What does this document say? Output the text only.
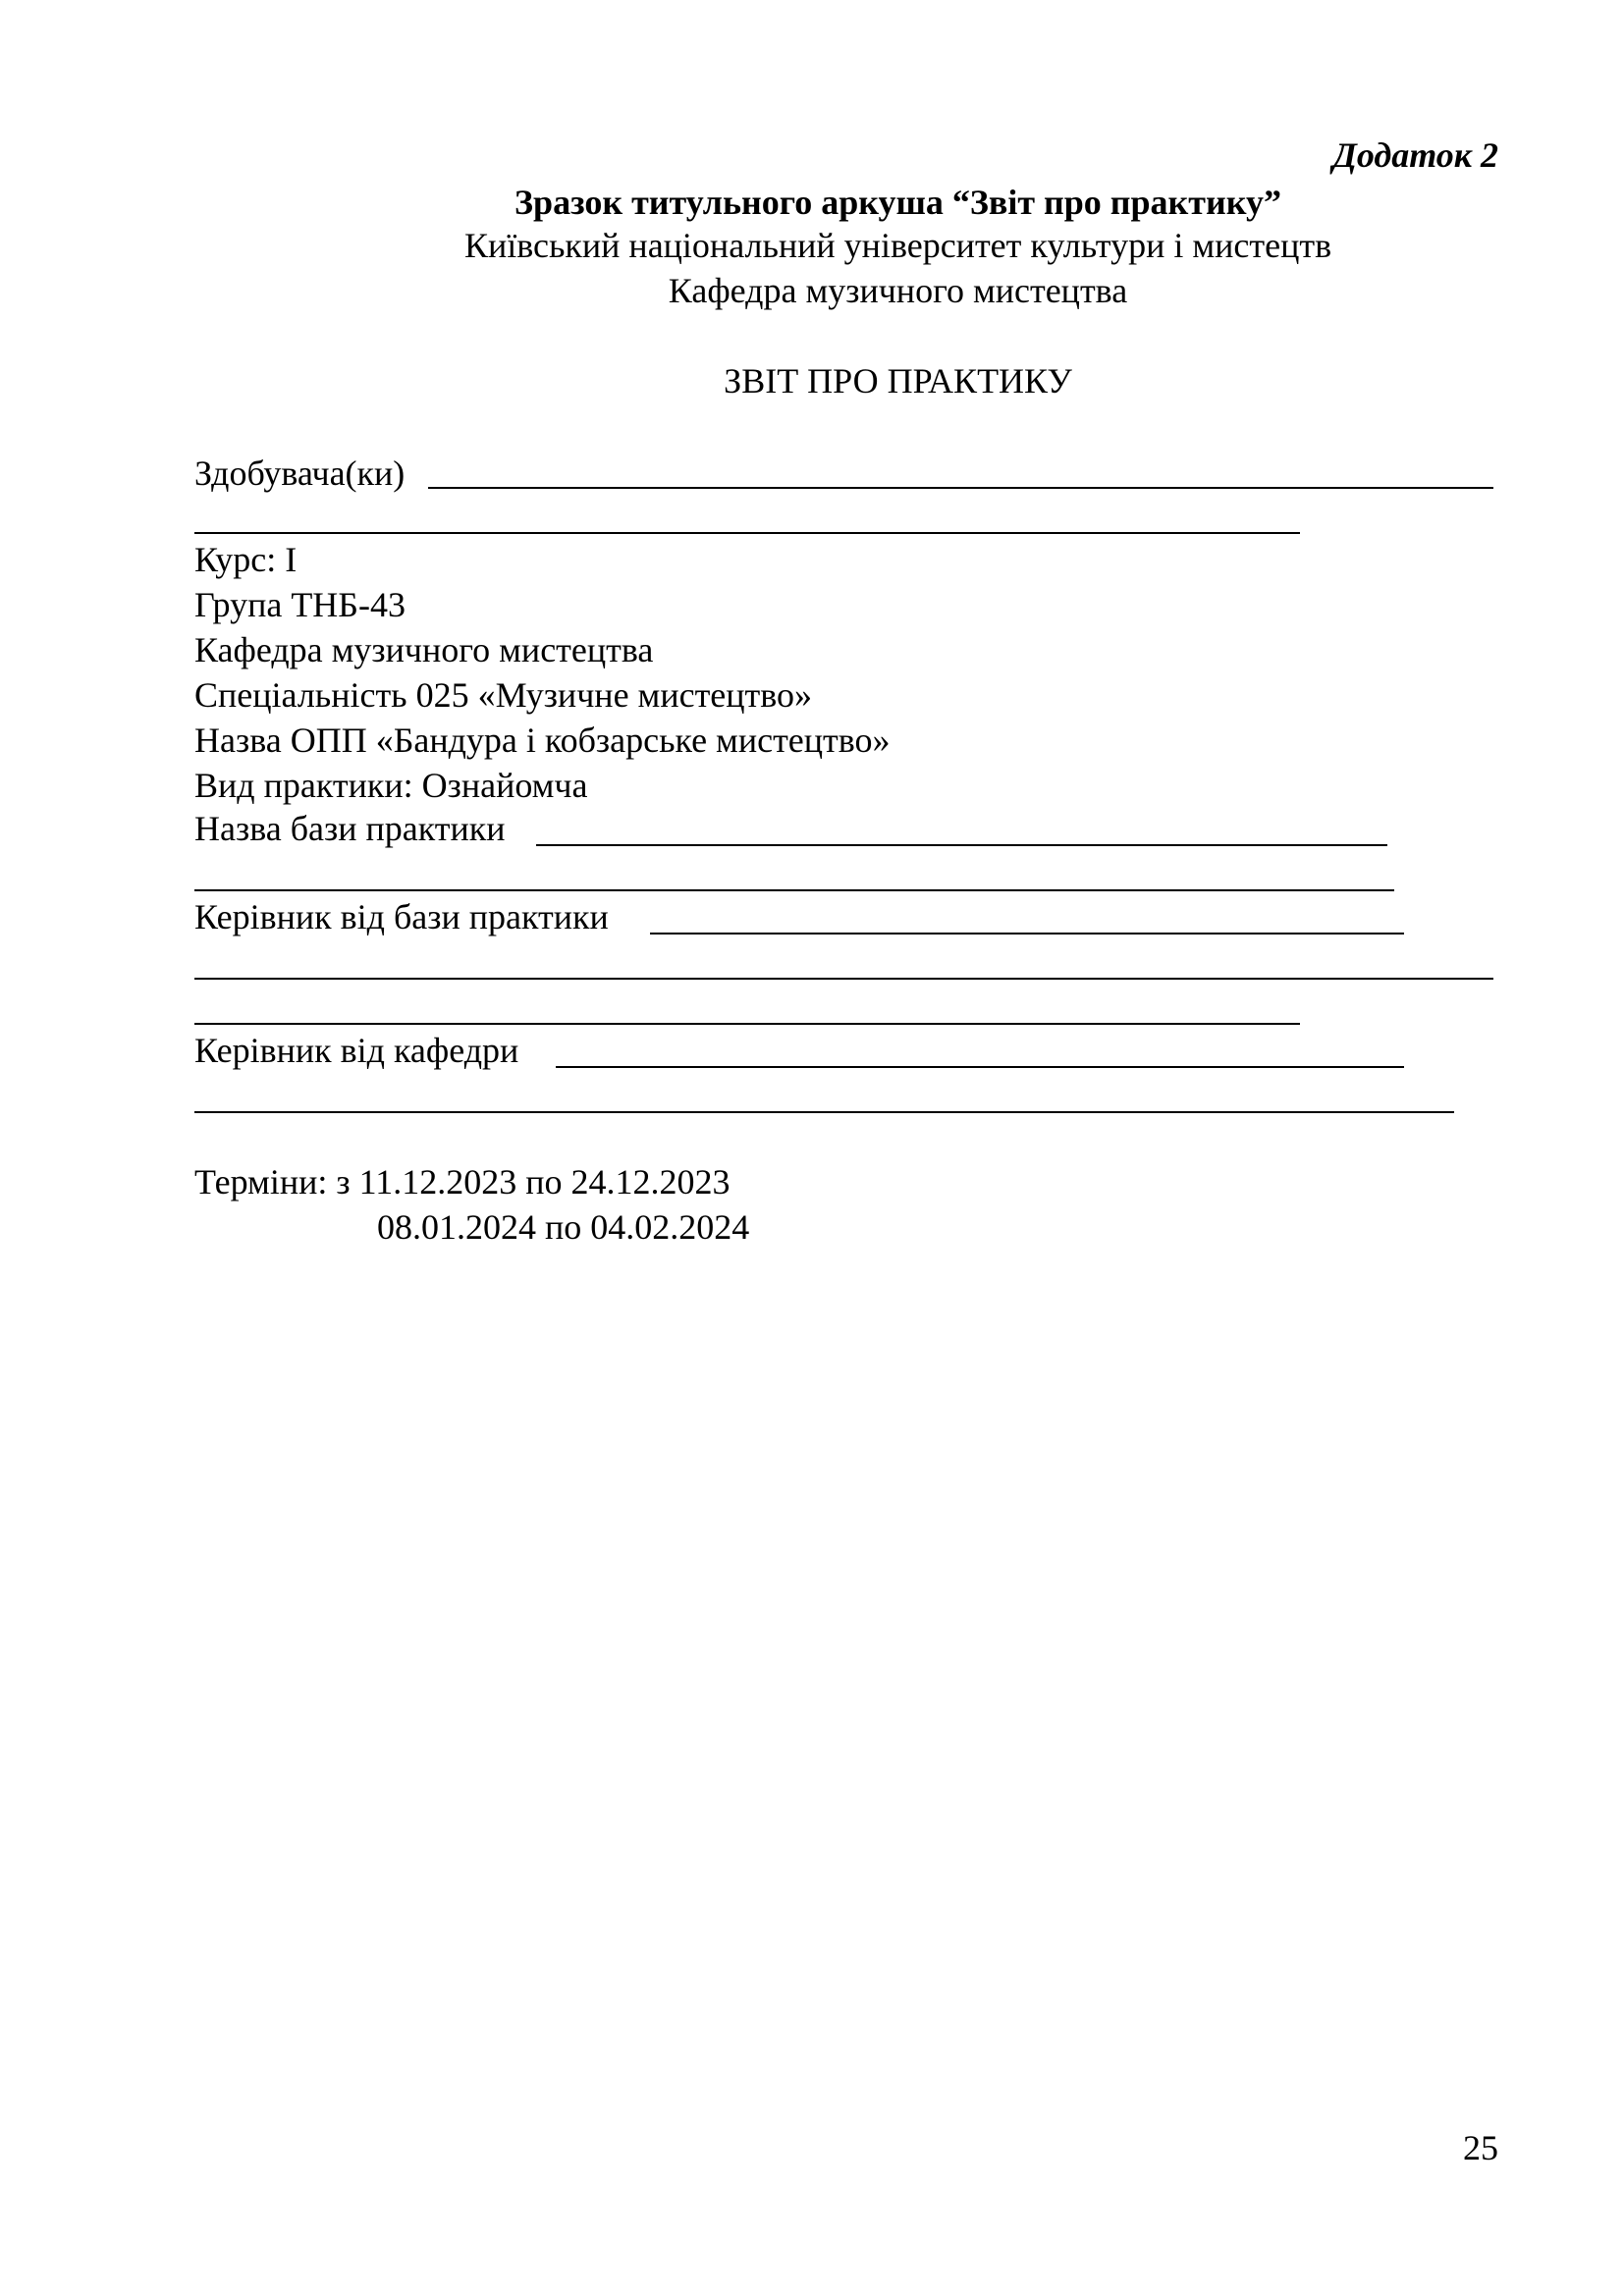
Додаток 2
Зразок титульного аркуша “Звіт про практику”
Київський національний університет культури і мистецтв
Кафедра музичного мистецтва
ЗВІТ ПРО ПРАКТИКУ
Здобувача(ки)
Курс: І
Група ТНБ-43
Кафедра музичного мистецтва
Спеціальність 025 «Музичне мистецтво»
Назва ОПП «Бандура і кобзарське мистецтво»
Вид практики: Ознайомча
Назва бази практики
Керівник від бази практики
Керівник від кафедри
Терміни: з 11.12.2023 по 24.12.2023
08.01.2024 по 04.02.2024
25
